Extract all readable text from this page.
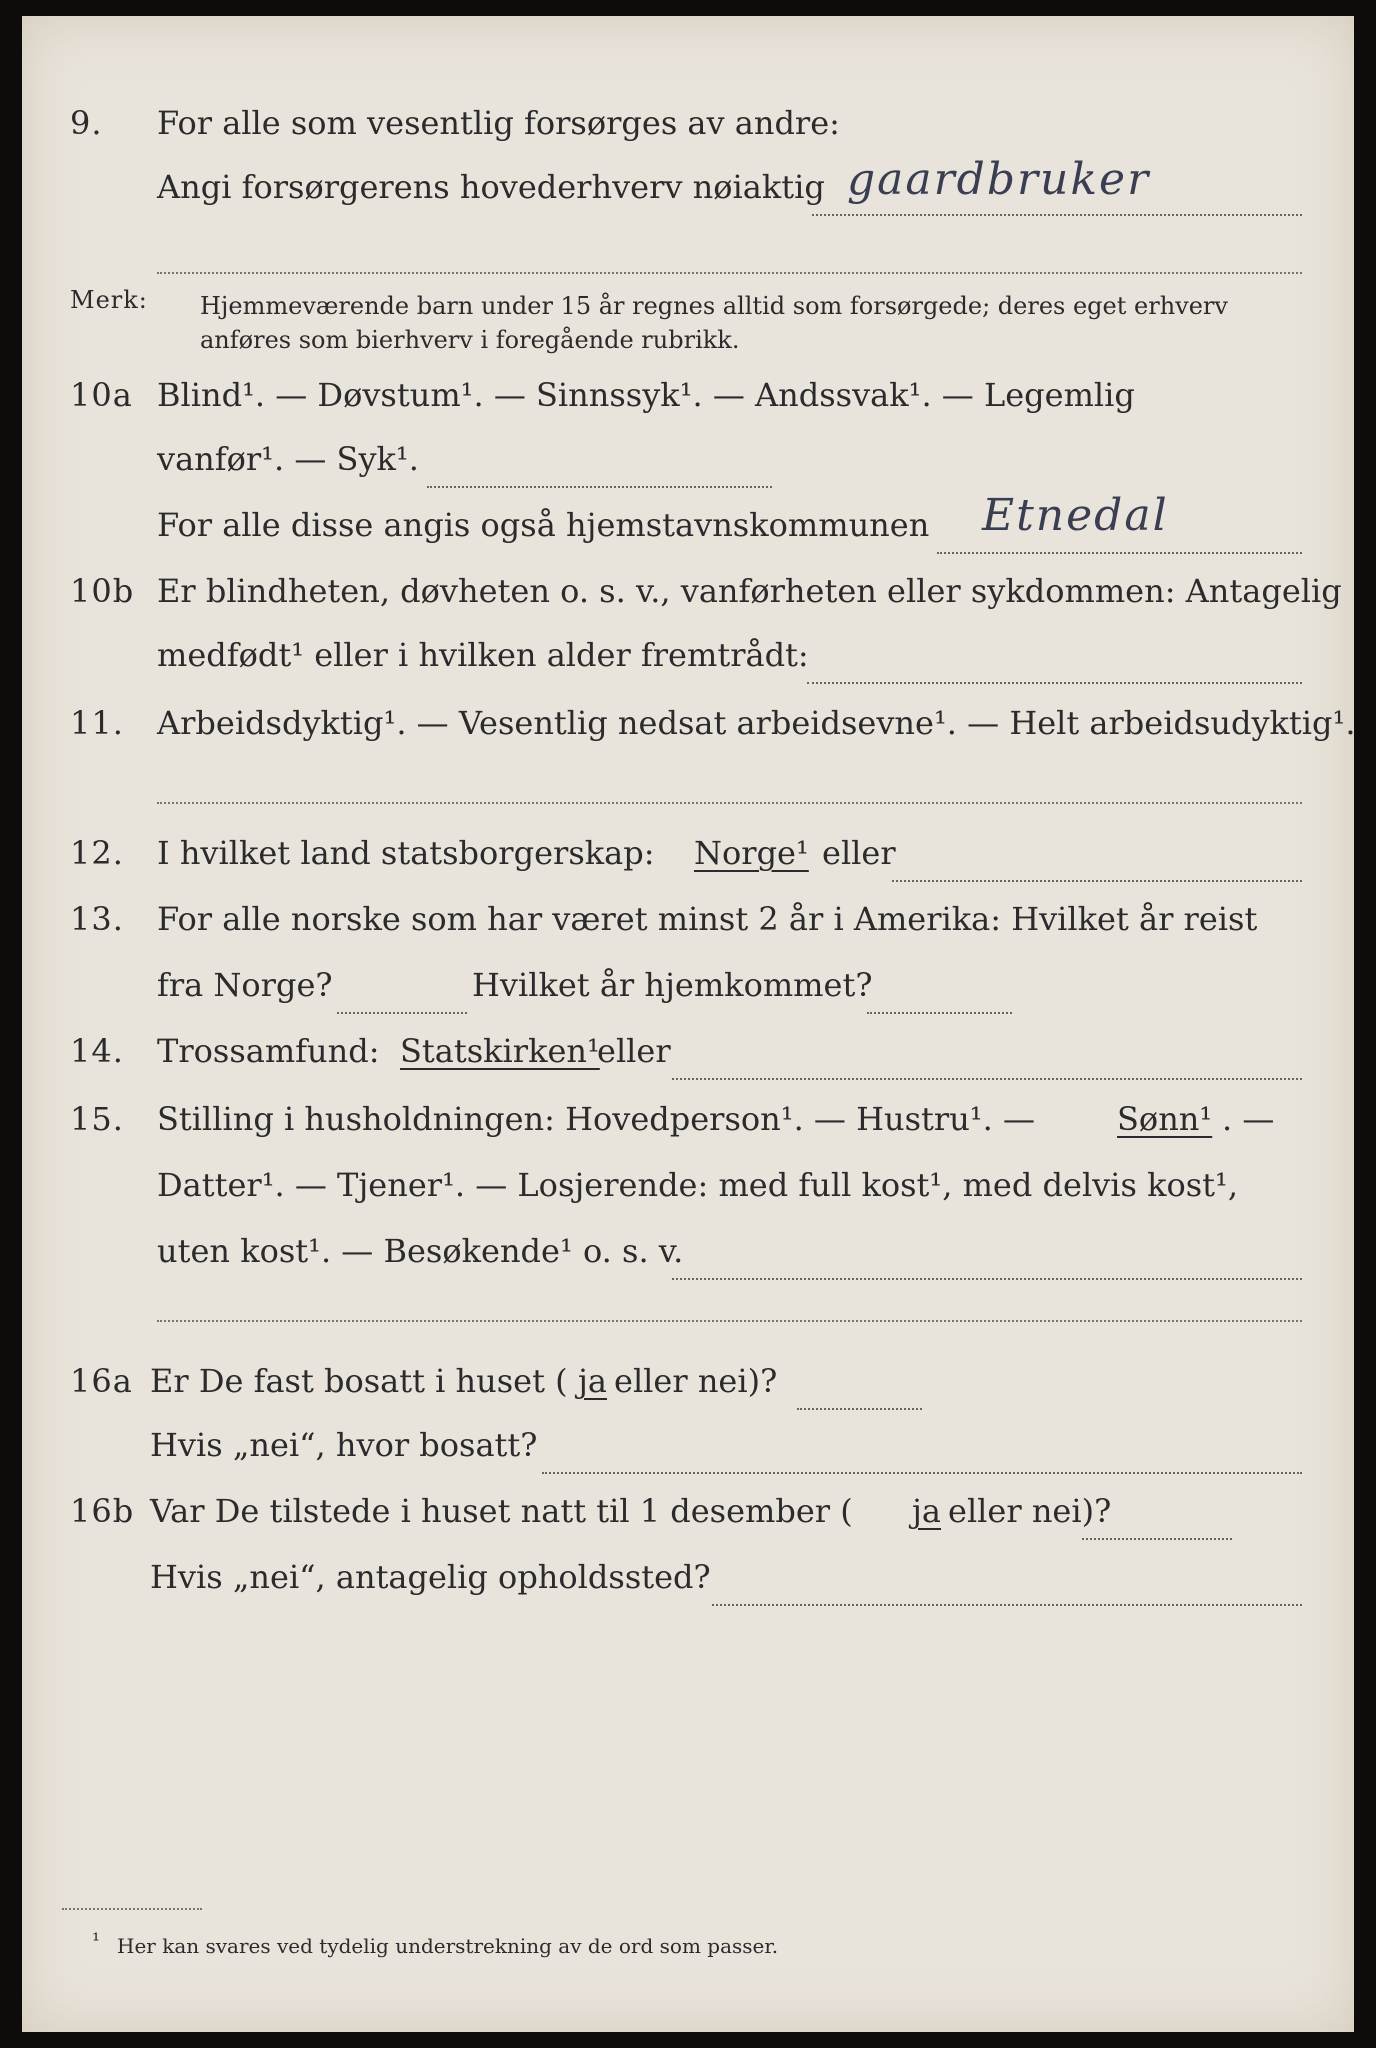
9. For alle som vesentlig forsørges av andre:
Angi forsørgerens hovederhverv nøiaktig gaardbruker
Merk: Hjemmeværende barn under 15 år regnes alltid som forsørgede; deres eget erhverv
anføres som bierhverv i foregående rubrikk.
10a Blind¹. — Døvstum¹. — Sinnssyk¹. — Andssvak¹. — Legemlig
vanfør¹. — Syk¹.
For alle disse angis også hjemstavnskommunen Etnedal
10b Er blindheten, døvheten o. s. v., vanførheten eller sykdommen: Antagelig
medfødt¹ eller i hvilken alder fremtrådt:
11. Arbeidsdyktig¹. — Vesentlig nedsat arbeidsevne¹. — Helt arbeidsudyktig¹.
12. I hvilket land statsborgerskap: Norge¹ eller
13. For alle norske som har været minst 2 år i Amerika: Hvilket år reist
fra Norge?	Hvilket år hjemkommet?
14. Trossamfund: Statskirken¹
eller
15. Stilling i husholdningen: Hovedperson¹. — Hustru¹. —	Sønn¹ . —
Datter¹. — Tjener¹. — Losjerende: med full kost¹, med delvis kost¹,
uten kost¹. — Besøkende¹ o. s. v.
16a Er De fast bosatt i huset ( ja eller nei)?
Hvis „nei“, hvor bosatt?
16b Var De tilstede i huset natt til 1 desember ( ja eller nei)?
Hvis „nei“, antagelig opholdssted?
¹ Her kan svares ved tydelig understrekning av de ord som passer.
